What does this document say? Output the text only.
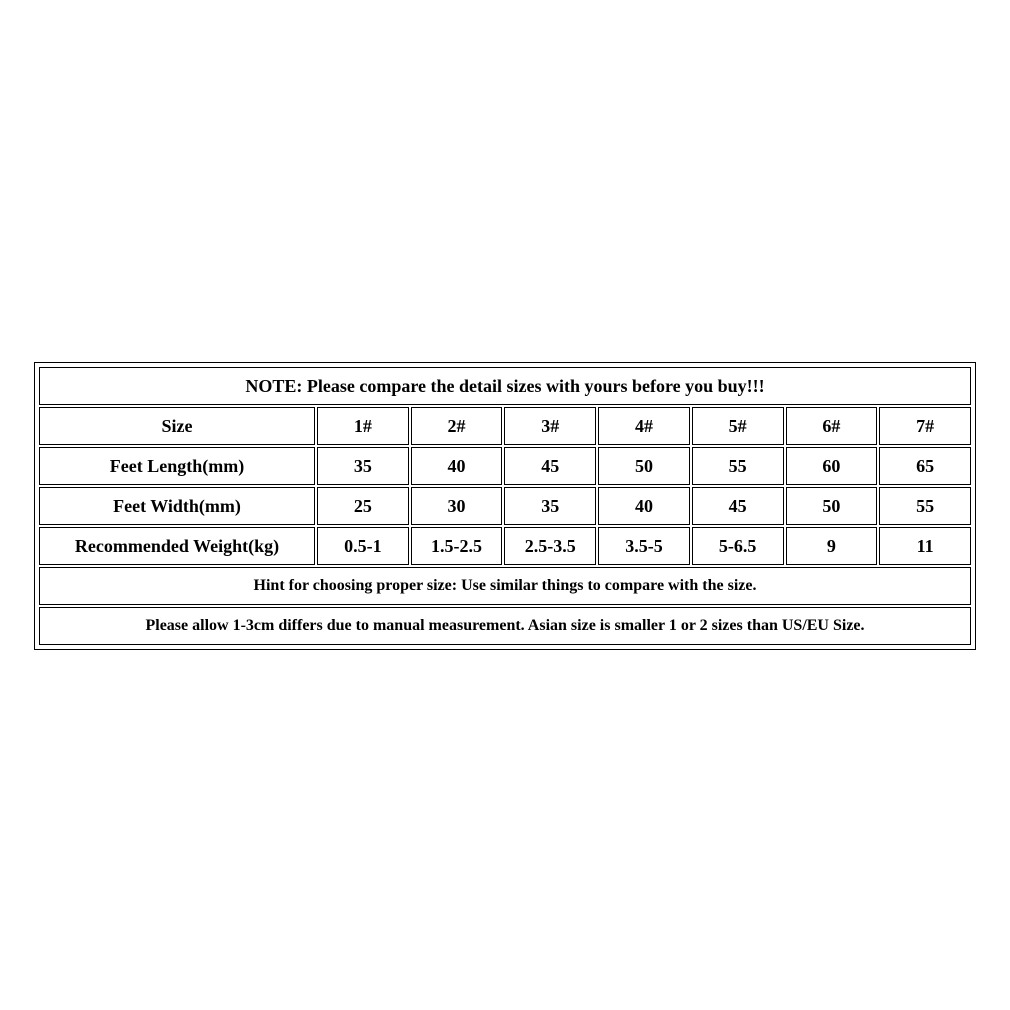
NOTE: Please compare the detail sizes with yours before you buy!!!							
Size	1#	2#	3#	4#	5#	6#	7#
Feet Length(mm)	35	40	45	50	55	60	65
Feet Width(mm)	25	30	35	40	45	50	55
Recommended Weight(kg)	0.5-1	1.5-2.5	2.5-3.5	3.5-5	5-6.5	9	11
Hint for choosing proper size: Use similar things to compare with the size.							
Please allow 1-3cm differs due to manual measurement. Asian size is smaller 1 or 2 sizes than US/EU Size.							
